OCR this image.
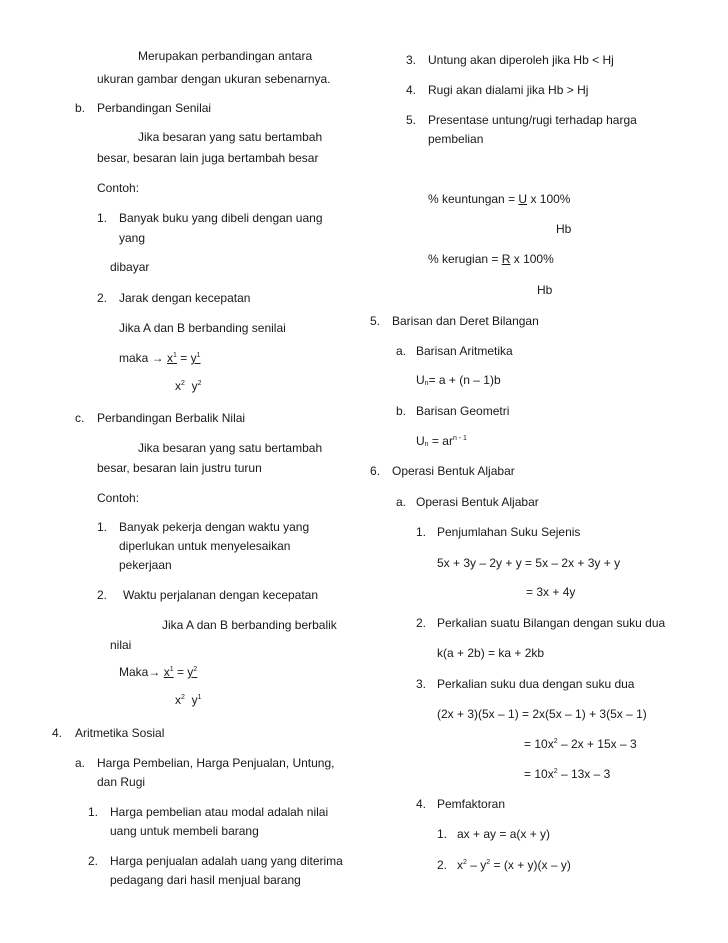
Merupakan perbandingan antara
ukuran gambar dengan ukuran sebenarnya.
b. Perbandingan Senilai
Jika besaran yang satu bertambah
besar, besaran lain juga bertambah besar
Contoh:
1. Banyak buku yang dibeli dengan uang
yang
dibayar
2. Jarak dengan kecepatan
Jika A dan B berbanding senilai
maka → $x^1 = y^1$
$x^2$ $y^2$
c. Perbandingan Berbalik Nilai
Jika besaran yang satu bertambah
besar, besaran lain justru turun
Contoh:
1. Banyak pekerja dengan waktu yang
diperlukan untuk menyelesaikan
pekerjaan
2. Waktu perjalanan dengan kecepatan
Jika A dan B berbanding berbalik
nilai
Maka→ $x^1 = y^2$
$x^2$ $y^1$
4. Aritmetika Sosial
a. Harga Pembelian, Harga Penjualan, Untung,
dan Rugi
1. Harga pembelian atau modal adalah nilai
uang untuk membeli barang
2. Harga penjualan adalah uang yang diterima
pedagang dari hasil menjual barang
3. Untung akan diperoleh jika Hb < Hj
4. Rugi akan dialami jika Hb > Hj
5. Presentase untung/rugi terhadap harga
pembelian
% keuntungan = U x 100%
Hb
% kerugian = R x 100%
Hb
5. Barisan dan Deret Bilangan
a. Barisan Aritmetika
$U_n= a + (n - 1)b$
b. Barisan Geometri
$U_n = ar^{n - 1}$
6. Operasi Bentuk Aljabar
a. Operasi Bentuk Aljabar
1. Penjumlahan Suku Sejenis
5x + 3y – 2y + y = 5x – 2x + 3y + y
= 3x + 4y
2. Perkalian suatu Bilangan dengan suku dua
k(a + 2b) = ka + 2kb
3. Perkalian suku dua dengan suku dua
(2x + 3)(5x – 1) = 2x(5x – 1) + 3(5x – 1)
= $10x^2 - 2x + 15x - 3$
= $10x^2 - 13x - 3$
4. Pemfaktoran
1. ax + ay = a(x + y)
2. $x^2 - y^2 = (x + y)(x - y)$
